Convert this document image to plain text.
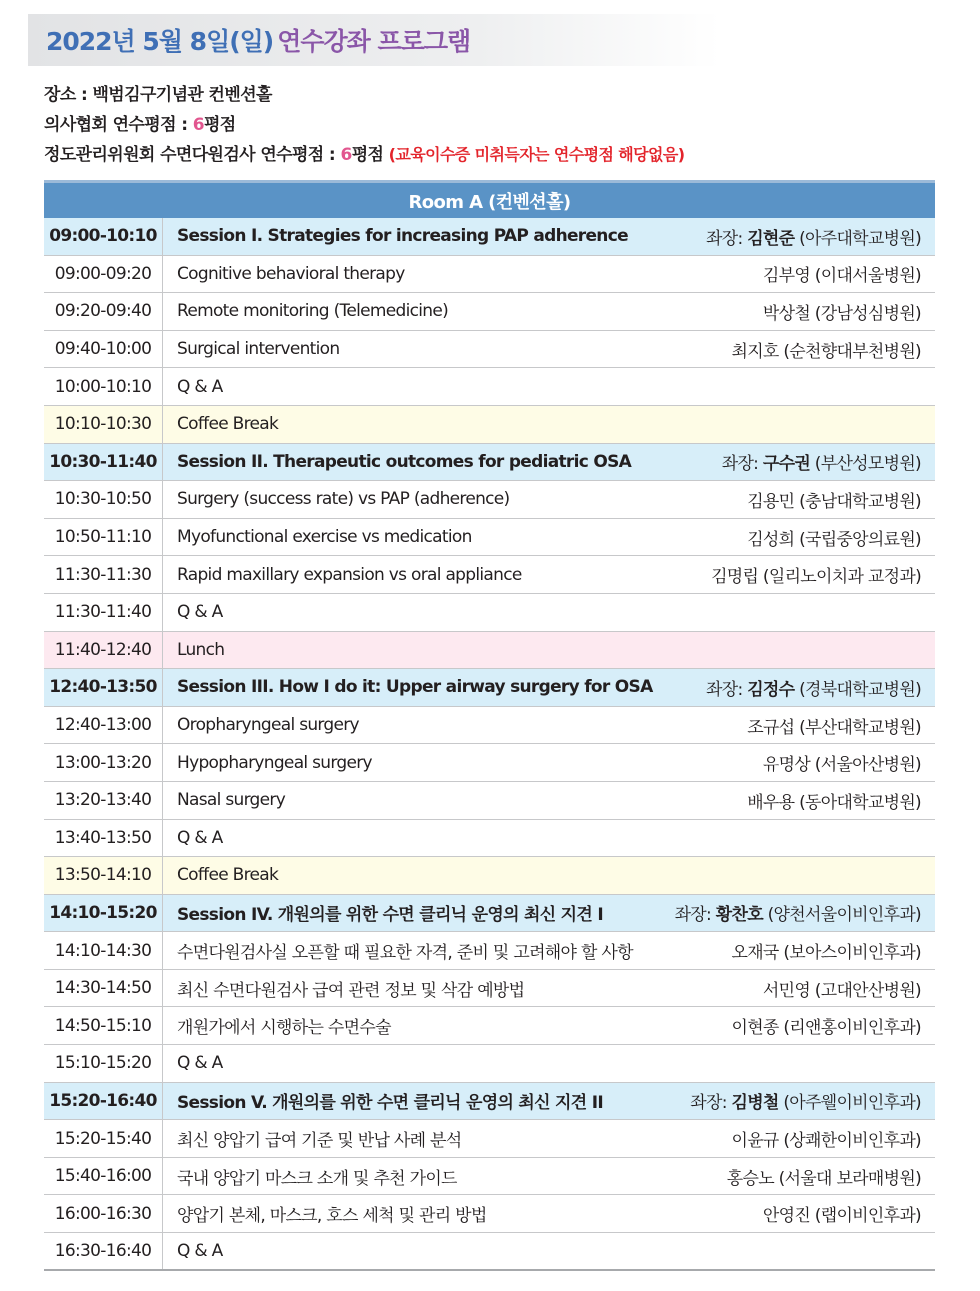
2022년 5월 8일(일) 연수강좌 프로그램
장소 : 백범김구기념관 컨벤션홀
의사협회 연수평점 : 6평점
정도관리위원회 수면다원검사 연수평점 : 6평점 (교육이수증 미취득자는 연수평점 해당없음)
Room A (컨벤션홀)
09:00-10:10	Session I. Strategies for increasing PAP adherence	좌장: 김현준 (아주대학교병원)
09:00-09:20	Cognitive behavioral therapy	김부영 (이대서울병원)
09:20-09:40	Remote monitoring (Telemedicine)	박상철 (강남성심병원)
09:40-10:00	Surgical intervention	최지호 (순천향대부천병원)
10:00-10:10	Q & A
10:10-10:30	Coffee Break
10:30-11:40	Session II. Therapeutic outcomes for pediatric OSA	좌장: 구수권 (부산성모병원)
10:30-10:50	Surgery (success rate) vs PAP (adherence)	김용민 (충남대학교병원)
10:50-11:10	Myofunctional exercise vs medication	김성희 (국립중앙의료원)
11:30-11:30	Rapid maxillary expansion vs oral appliance	김명립 (일리노이치과 교정과)
11:30-11:40	Q & A
11:40-12:40	Lunch
12:40-13:50	Session III. How I do it: Upper airway surgery for OSA	좌장: 김정수 (경북대학교병원)
12:40-13:00	Oropharyngeal surgery	조규섭 (부산대학교병원)
13:00-13:20	Hypopharyngeal surgery	유명상 (서울아산병원)
13:20-13:40	Nasal surgery	배우용 (동아대학교병원)
13:40-13:50	Q & A
13:50-14:10	Coffee Break
14:10-15:20	Session IV. 개원의를 위한 수면 클리닉 운영의 최신 지견 I	좌장: 황찬호 (양천서울이비인후과)
14:10-14:30	수면다원검사실 오픈할 때 필요한 자격, 준비 및 고려해야 할 사항	오재국 (보아스이비인후과)
14:30-14:50	최신 수면다원검사 급여 관련 정보 및 삭감 예방법	서민영 (고대안산병원)
14:50-15:10	개원가에서 시행하는 수면수술	이현종 (리앤홍이비인후과)
15:10-15:20	Q & A
15:20-16:40	Session V. 개원의를 위한 수면 클리닉 운영의 최신 지견 II	좌장: 김병철 (아주웰이비인후과)
15:20-15:40	최신 양압기 급여 기준 및 반납 사례 분석	이윤규 (상쾌한이비인후과)
15:40-16:00	국내 양압기 마스크 소개 및 추천 가이드	홍승노 (서울대 보라매병원)
16:00-16:30	양압기 본체, 마스크, 호스 세척 및 관리 방법	안영진 (랩이비인후과)
16:30-16:40	Q & A
